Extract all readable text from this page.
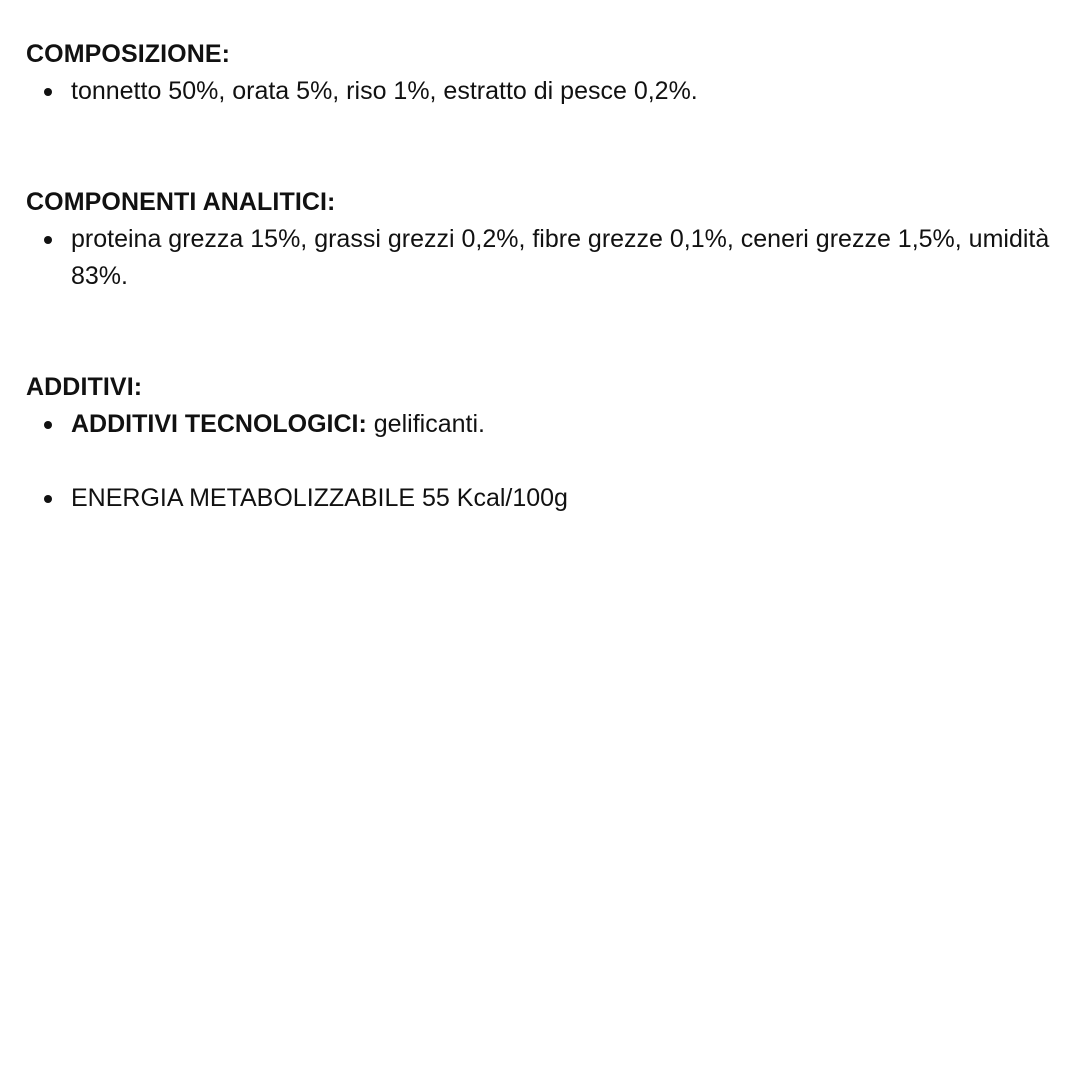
COMPOSIZIONE:
tonnetto 50%, orata 5%, riso 1%, estratto di pesce 0,2%.
COMPONENTI ANALITICI:
proteina grezza 15%, grassi grezzi 0,2%, fibre grezze 0,1%, ceneri grezze 1,5%, umidità 83%.
ADDITIVI:
ADDITIVI TECNOLOGICI: gelificanti.
ENERGIA METABOLIZZABILE 55 Kcal/100g
